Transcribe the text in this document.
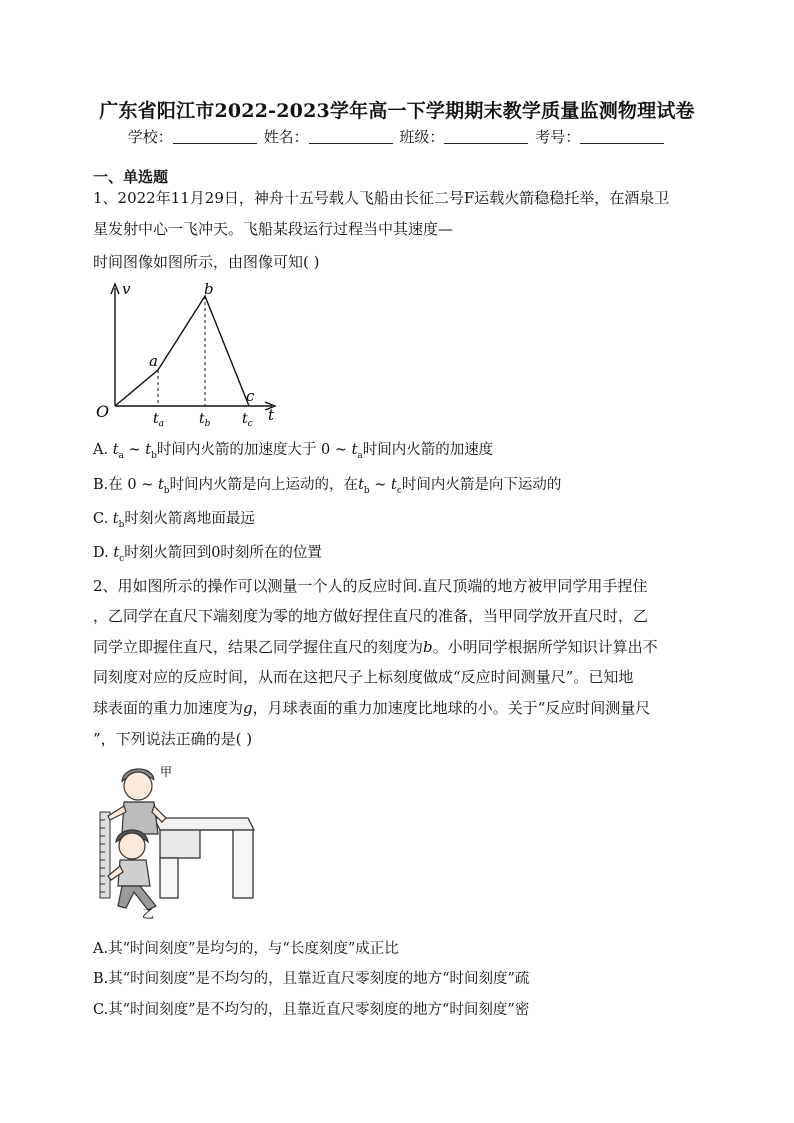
广东省阳江市2022-2023学年高一下学期期末教学质量监测物理试卷
学校：	姓名：	班级：	考号：
一、单选题
1、2022年11月29日，神舟十五号载人飞船由长征二号F运载火箭稳稳托举，在酒泉卫
星发射中心一飞冲天。飞船某段运行过程当中其速度—
时间图像如图所示，由图像可知( )
v
t
O
a
b
c
$t_a$ $t_b$ $t_c$
A. $t_a$ ~ $t_b$时间内火箭的加速度大于 0 ~ $t_a$时间内火箭的加速度
B.在 0 ~ $t_b$时间内火箭是向上运动的，在$t_b$ ~ $t_c$时间内火箭是向下运动的
C. $t_b$时刻火箭离地面最远
D. $t_c$时刻火箭回到0时刻所在的位置
2、用如图所示的操作可以测量一个人的反应时间.直尺顶端的地方被甲同学用手捏住
，乙同学在直尺下端刻度为零的地方做好捏住直尺的准备，当甲同学放开直尺时，乙
同学立即握住直尺，结果乙同学握住直尺的刻度为b。小明同学根据所学知识计算出不
同刻度对应的反应时间，从而在这把尺子上标刻度做成“反应时间测量尺”。已知地
球表面的重力加速度为g，月球表面的重力加速度比地球的小。关于“反应时间测量尺
”，下列说法正确的是( )
甲
乙
A.其“时间刻度”是均匀的，与“长度刻度”成正比
B.其“时间刻度”是不均匀的，且靠近直尺零刻度的地方“时间刻度”疏
C.其“时间刻度”是不均匀的，且靠近直尺零刻度的地方“时间刻度”密
